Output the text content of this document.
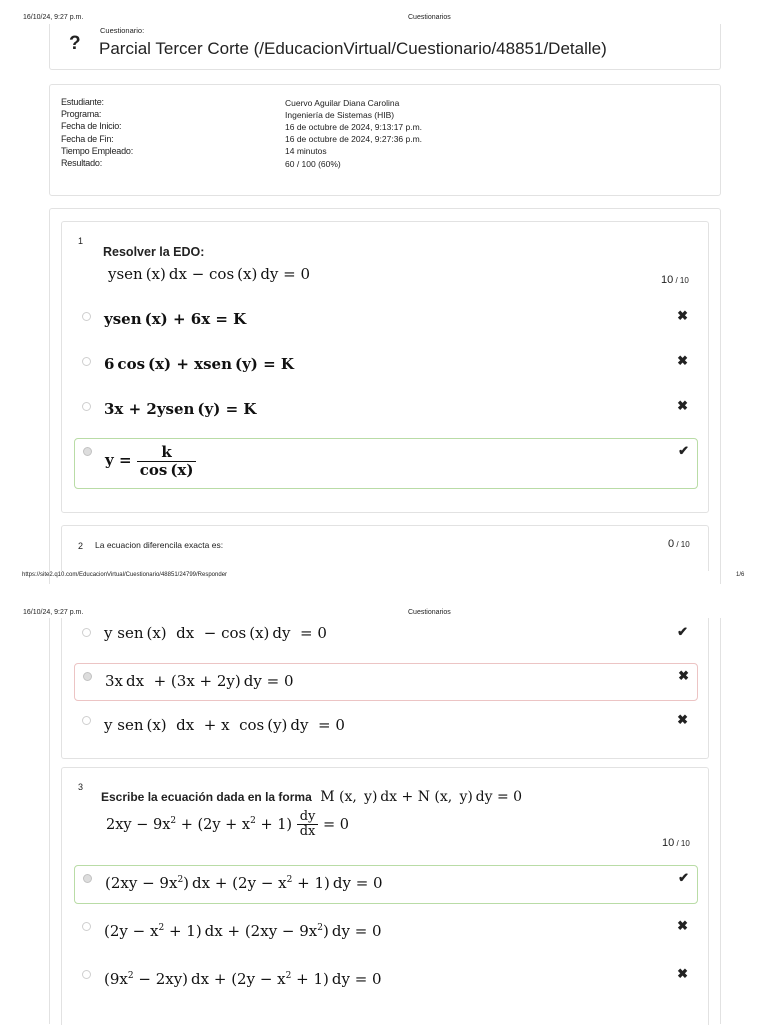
16/10/24, 9:27 p.m.	Cuestionarios
?
Cuestionario:
Parcial Tercer Corte (/EducacionVirtual/Cuestionario/48851/Detalle)
Estudiante:	Cuervo Aguilar Diana Carolina
Programa:	Ingeniería de Sistemas (HIB)
Fecha de Inicio:	16 de octubre de 2024, 9:13:17 p.m.
Fecha de Fin:	16 de octubre de 2024, 9:27:36 p.m.
Tiempo Empleado:	14 minutos
Resultado:	60 / 100 (60%)
1
Resolver la EDO:
ysen (x) dx − cos (x) dy = 0	10 / 10
ysen (x) + 6x = K	✖
6 cos (x) + xsen (y) = K	✖
3x + 2ysen (y) = K	✖
$y = \frac{k}{\cos (x)}$	✔
2 La ecuacion diferencila exacta es:	0 / 10
https://site2.q10.com/EducacionVirtual/Cuestionario/48851/24799/Responder	1/6
16/10/24, 9:27 p.m.	Cuestionarios
y sen (x)  dx  − cos (x) dy  = 0	✔
3x dx  + (3x + 2y) dy = 0	✖
y sen (x)  dx  + x  cos (y) dy  = 0	✖
3
Escribe la ecuación dada en la forma M (x,  y) dx + N (x,  y) dy = 0
$2xy - 9x^2 + (2y + x^2 + 1) \frac{dy}{dx} = 0$
10 / 10
$(2xy - 9x^2)$ dx + $(2y - x^2 + 1)$ dy = 0	✔
$(2y - x^2 + 1)$ dx + $(2xy - 9x^2)$ dy = 0	✖
$(9x^2 - 2xy)$ dx + $(2y - x^2 + 1)$ dy = 0	✖
